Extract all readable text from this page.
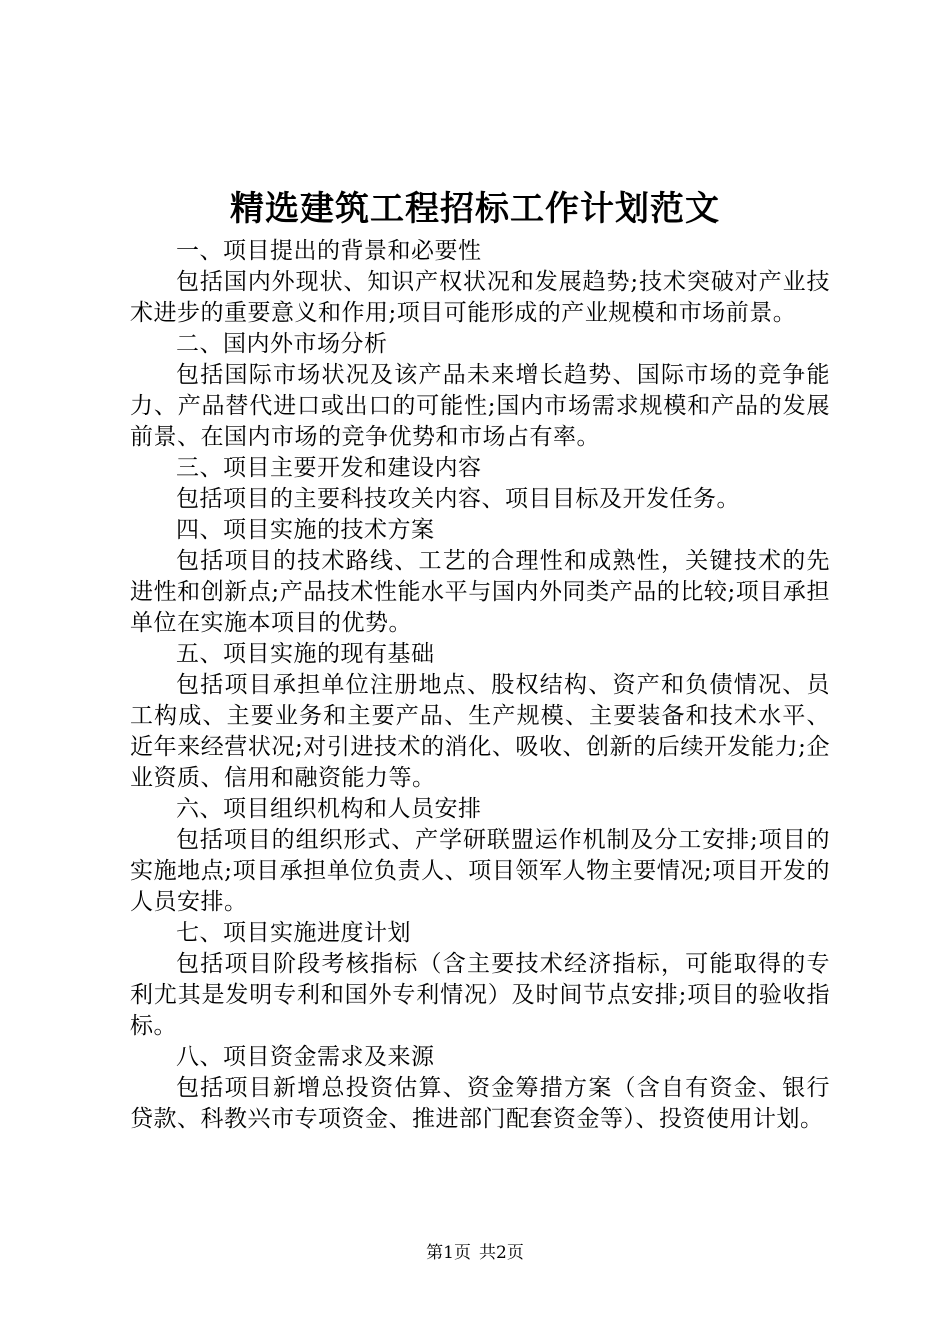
精选建筑工程招标工作计划范文

一、项目提出的背景和必要性

包括国内外现状、知识产权状况和发展趋势;技术突破对产业技术进步的重要意义和作用;项目可能形成的产业规模和市场前景。

二、国内外市场分析

包括国际市场状况及该产品未来增长趋势、国际市场的竞争能力、产品替代进口或出口的可能性;国内市场需求规模和产品的发展前景、在国内市场的竞争优势和市场占有率。

三、项目主要开发和建设内容

包括项目的主要科技攻关内容、项目目标及开发任务。

四、项目实施的技术方案

包括项目的技术路线、工艺的合理性和成熟性，关键技术的先进性和创新点;产品技术性能水平与国内外同类产品的比较;项目承担单位在实施本项目的优势。

五、项目实施的现有基础

包括项目承担单位注册地点、股权结构、资产和负债情况、员工构成、主要业务和主要产品、生产规模、主要装备和技术水平、近年来经营状况;对引进技术的消化、吸收、创新的后续开发能力;企业资质、信用和融资能力等。

六、项目组织机构和人员安排

包括项目的组织形式、产学研联盟运作机制及分工安排;项目的实施地点;项目承担单位负责人、项目领军人物主要情况;项目开发的人员安排。

七、项目实施进度计划

包括项目阶段考核指标（含主要技术经济指标，可能取得的专利尤其是发明专利和国外专利情况）及时间节点安排;项目的验收指标。

八、项目资金需求及来源

包括项目新增总投资估算、资金筹措方案（含自有资金、银行贷款、科教兴市专项资金、推进部门配套资金等）、投资使用计划。

第1页 共2页
